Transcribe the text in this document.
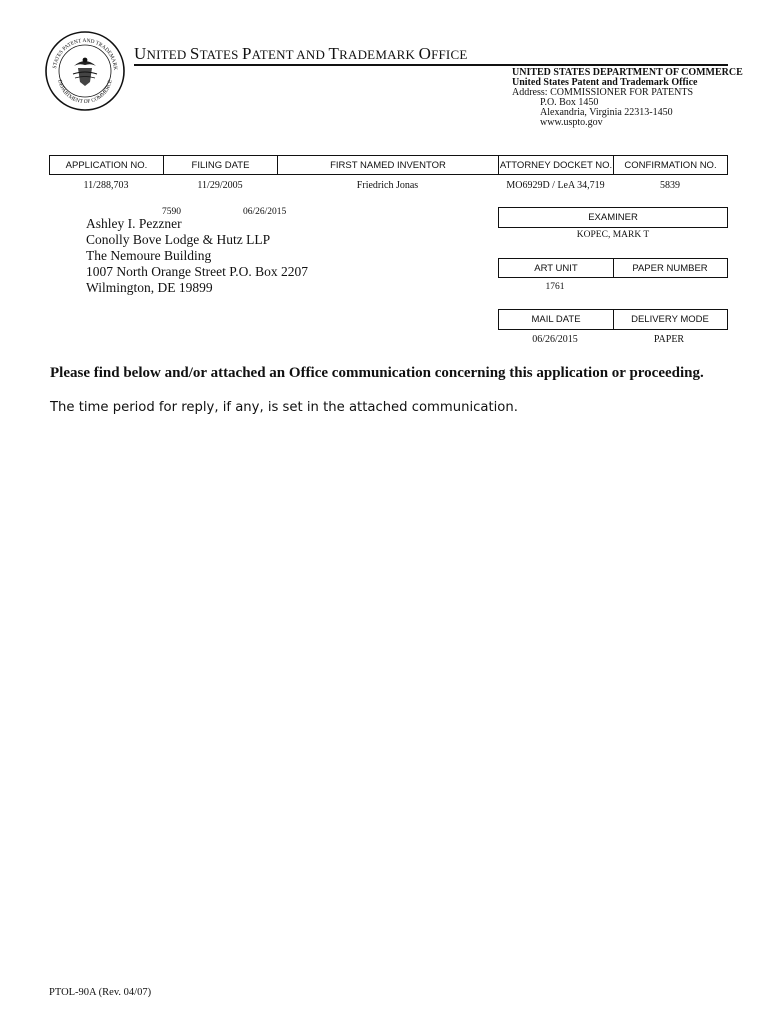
STATES PATENT AND TRADEMARK
DEPARTMENT OF COMMERCE
UNITED STATES PATENT AND TRADEMARK OFFICE
UNITED STATES DEPARTMENT OF COMMERCE
United States Patent and Trademark Office
Address: COMMISSIONER FOR PATENTS
P.O. Box 1450
Alexandria, Virginia 22313-1450
www.uspto.gov
APPLICATION NO.	FILING DATE	FIRST NAMED INVENTOR	ATTORNEY DOCKET NO.	CONFIRMATION NO.
11/288,703	11/29/2005	Friedrich Jonas	MO6929D / LeA 34,719	5839
7590	06/26/2015
Ashley I. Pezzner
Conolly Bove Lodge & Hutz LLP
The Nemoure Building
1007 North Orange Street P.O. Box 2207
Wilmington, DE 19899
EXAMINER
KOPEC, MARK T
ART UNIT	PAPER NUMBER
1761
MAIL DATE	DELIVERY MODE
06/26/2015	PAPER
Please find below and/or attached an Office communication concerning this application or proceeding.
The time period for reply, if any, is set in the attached communication.
PTOL-90A (Rev. 04/07)
